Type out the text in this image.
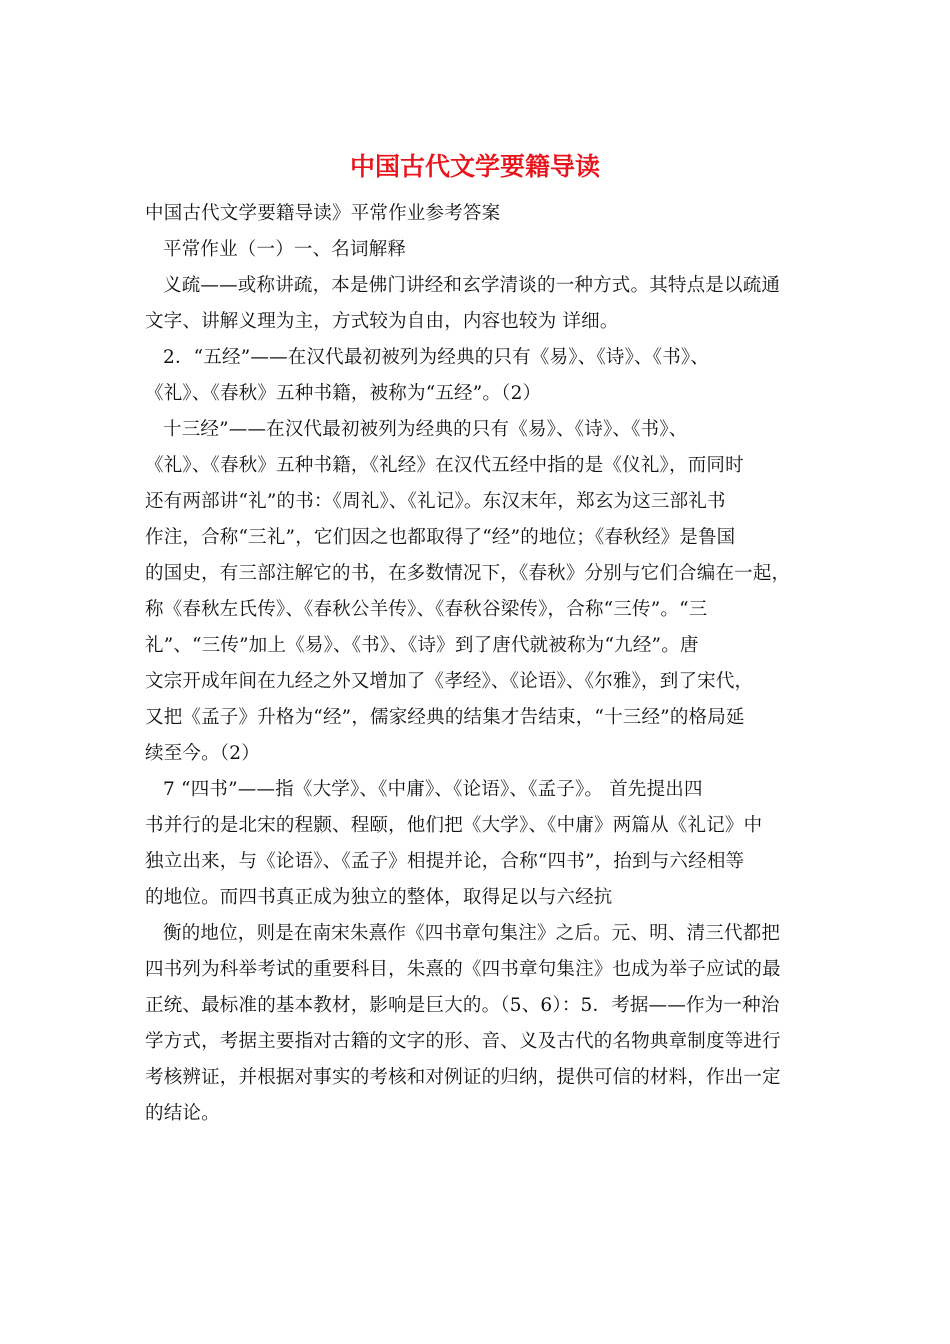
中国古代文学要籍导读

中国古代文学要籍导读》平常作业参考答案

平常作业（一）一、名词解释

义疏——或称讲疏，本是佛门讲经和玄学清谈的一种方式。其特点是以疏通

文字、讲解义理为主，方式较为自由，内容也较为 详细。

2．“五经”——在汉代最初被列为经典的只有《易》、《诗》、《书》、

《礼》、《春秋》五种书籍，被称为“五经”。（2）

十三经”——在汉代最初被列为经典的只有《易》、《诗》、《书》、

《礼》、《春秋》五种书籍，《礼经》在汉代五经中指的是《仪礼》，而同时

还有两部讲“礼”的书：《周礼》、《礼记》。东汉末年，郑玄为这三部礼书

作注，合称“三礼”，它们因之也都取得了“经”的地位；《春秋经》是鲁国

的国史，有三部注解它的书，在多数情况下，《春秋》分别与它们合编在一起，

称《春秋左氏传》、《春秋公羊传》、《春秋谷梁传》，合称“三传”。“三

礼”、“三传”加上《易》、《书》、《诗》到了唐代就被称为“九经”。唐

文宗开成年间在九经之外又增加了《孝经》、《论语》、《尔雅》，到了宋代，

又把《孟子》升格为“经”，儒家经典的结集才告结束，“十三经”的格局延

续至今。（2）

7 “四书”——指《大学》、《中庸》、《论语》、《孟子》。 首先提出四

书并行的是北宋的程颢、程颐，他们把《大学》、《中庸》两篇从《礼记》中

独立出来，与《论语》、《孟子》相提并论，合称“四书”，抬到与六经相等

的地位。而四书真正成为独立的整体，取得足以与六经抗

衡的地位，则是在南宋朱熹作《四书章句集注》之后。元、明、清三代都把

四书列为科举考试的重要科目，朱熹的《四书章句集注》也成为举子应试的最

正统、最标准的基本教材，影响是巨大的。（5、6）：5．考据——作为一种治

学方式，考据主要指对古籍的文字的形、音、义及古代的名物典章制度等进行

考核辨证，并根据对事实的考核和对例证的归纳，提供可信的材料，作出一定

的结论。
